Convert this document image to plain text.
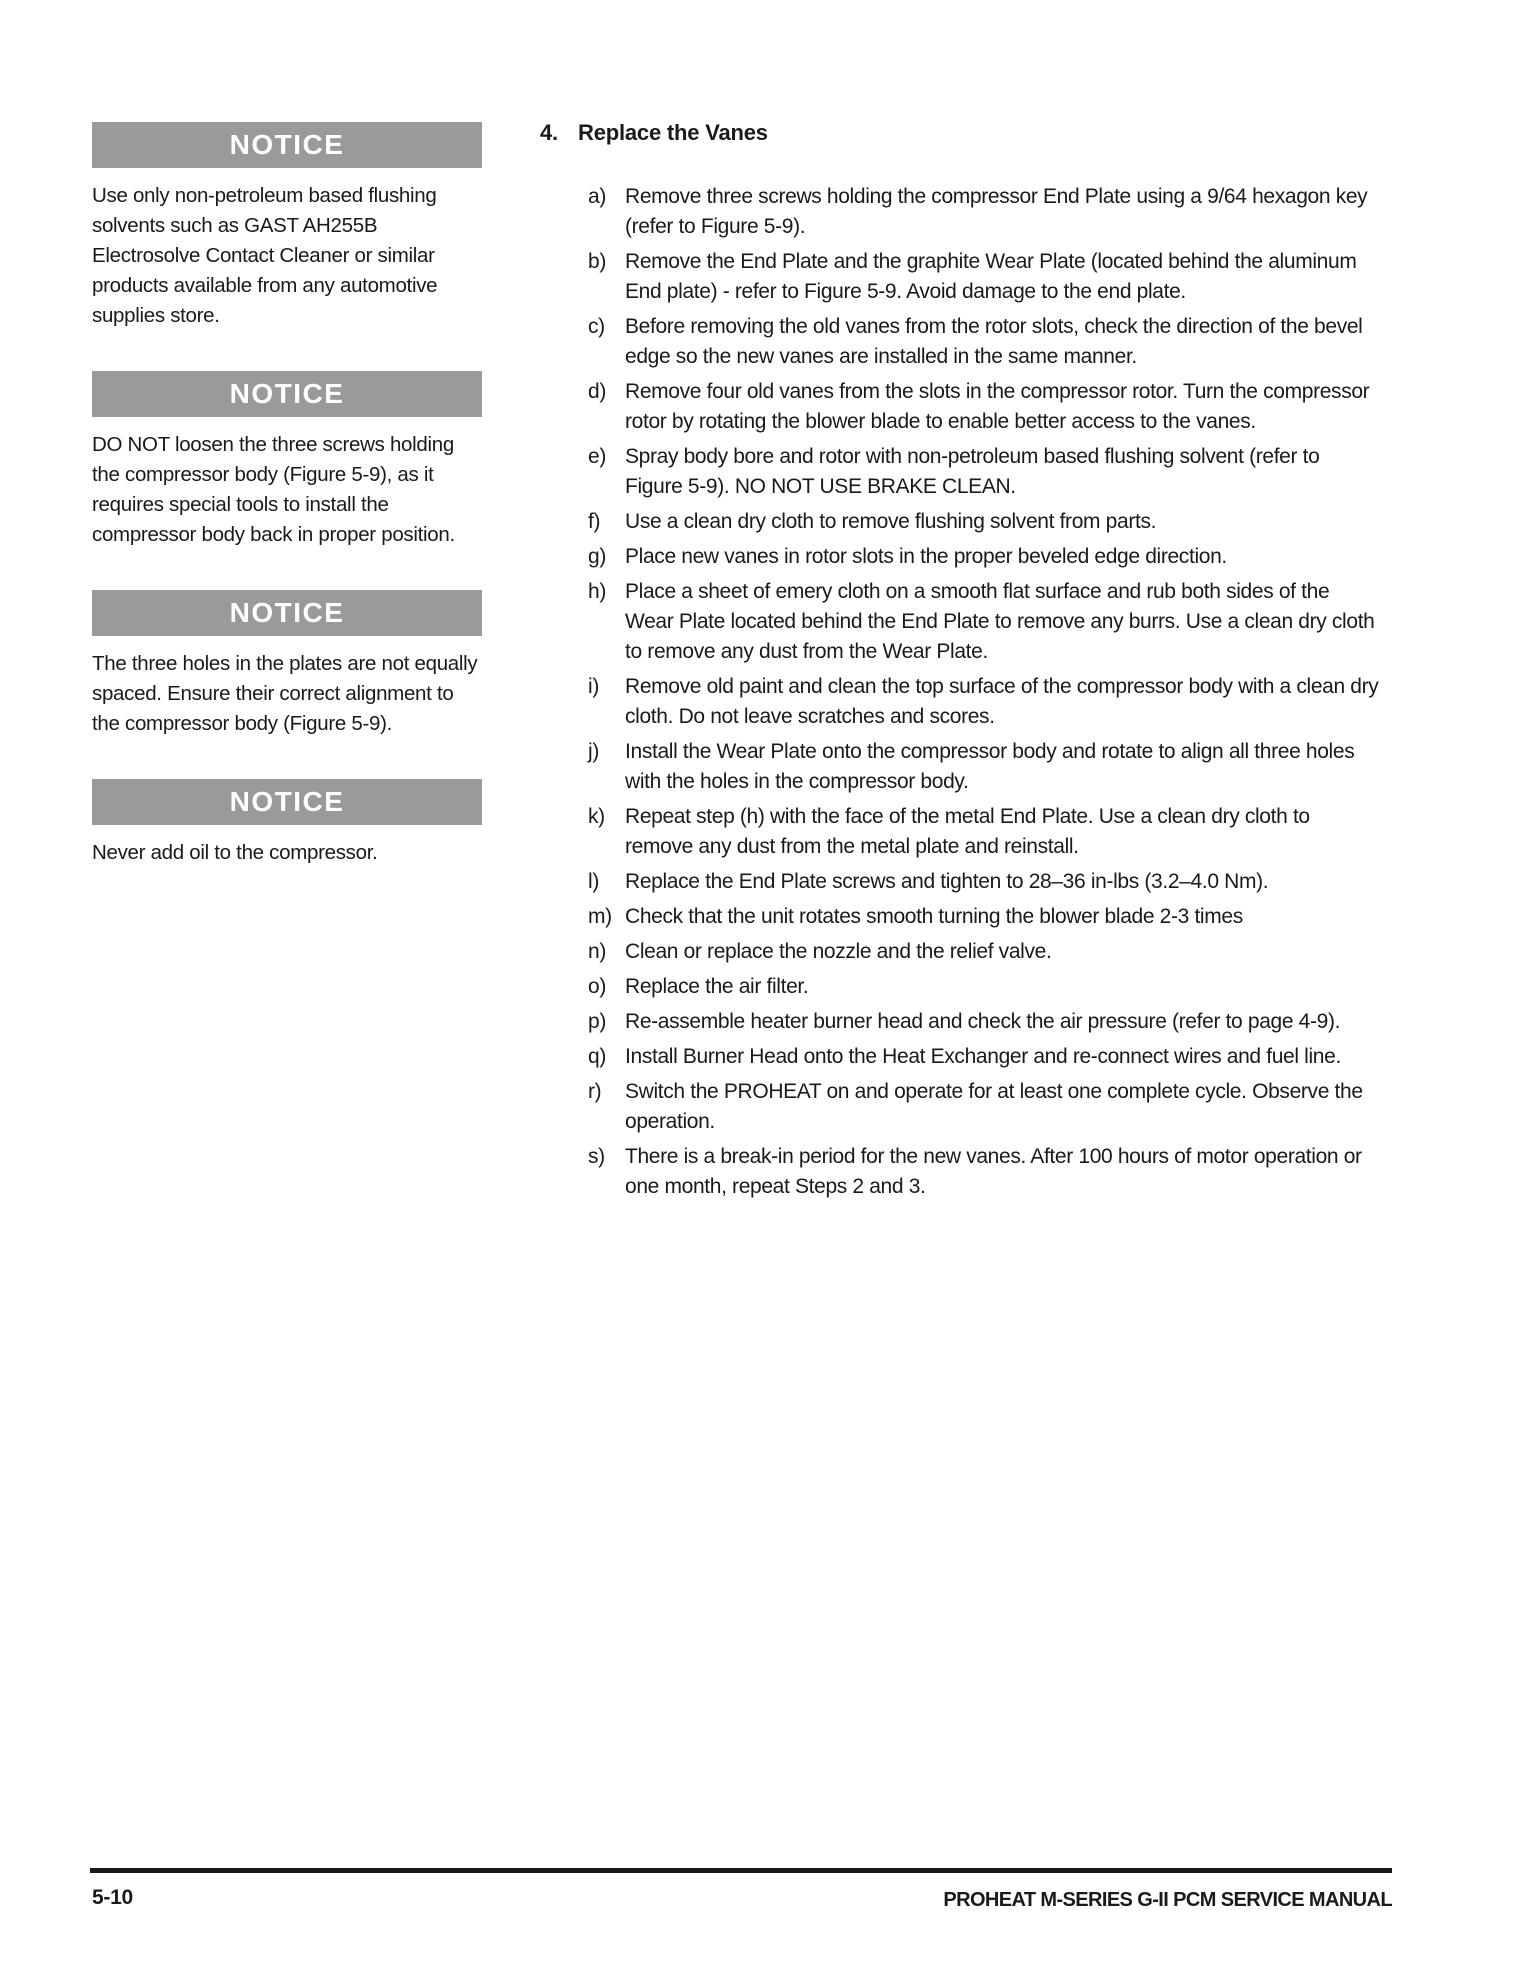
NOTICE

Use only non-petroleum based flushing solvents such as GAST AH255B Electrosolve Contact Cleaner or similar products available from any automotive supplies store.

NOTICE

DO NOT loosen the three screws holding the compressor body (Figure 5-9), as it requires special tools to install the compressor body back in proper position.

NOTICE

The three holes in the plates are not equally spaced. Ensure their correct alignment to the compressor body (Figure 5-9).

NOTICE

Never add oil to the compressor.

4. Replace the Vanes
a) Remove three screws holding the compressor End Plate using a 9/64 hexagon key (refer to Figure 5-9).
b) Remove the End Plate and the graphite Wear Plate (located behind the aluminum End plate) - refer to Figure 5-9. Avoid damage to the end plate.
c) Before removing the old vanes from the rotor slots, check the direction of the bevel edge so the new vanes are installed in the same manner.
d) Remove four old vanes from the slots in the compressor rotor. Turn the compressor rotor by rotating the blower blade to enable better access to the vanes.
e) Spray body bore and rotor with non-petroleum based flushing solvent (refer to Figure 5-9). NO NOT USE BRAKE CLEAN.
f)	Use a clean dry cloth to remove flushing solvent from parts.
g) Place new vanes in rotor slots in the proper beveled edge direction.
h) Place a sheet of emery cloth on a smooth flat surface and rub both sides of the Wear Plate located behind the End Plate to remove any burrs. Use a clean dry cloth to remove any dust from the Wear Plate.
i)	Remove old paint and clean the top surface of the compressor body with a clean dry cloth. Do not leave scratches and scores.
j)	Install the Wear Plate onto the compressor body and rotate to align all three holes with the holes in the compressor body.
k) Repeat step (h) with the face of the metal End Plate. Use a clean dry cloth to remove any dust from the metal plate and reinstall.
l)	Replace the End Plate screws and tighten to 28–36 in-lbs (3.2–4.0 Nm).
m) Check that the unit rotates smooth turning the blower blade 2-3 times
n) Clean or replace the nozzle and the relief valve.
o) Replace the air filter.
p) Re-assemble heater burner head and check the air pressure (refer to page 4-9).
q) Install Burner Head onto the Heat Exchanger and re-connect wires and fuel line.
r)	Switch the PROHEAT on and operate for at least one complete cycle. Observe the operation.
s) There is a break-in period for the new vanes. After 100 hours of motor operation or one month, repeat Steps 2 and 3.
5-10	PROHEAT M-SERIES G-II PCM SERVICE MANUAL
